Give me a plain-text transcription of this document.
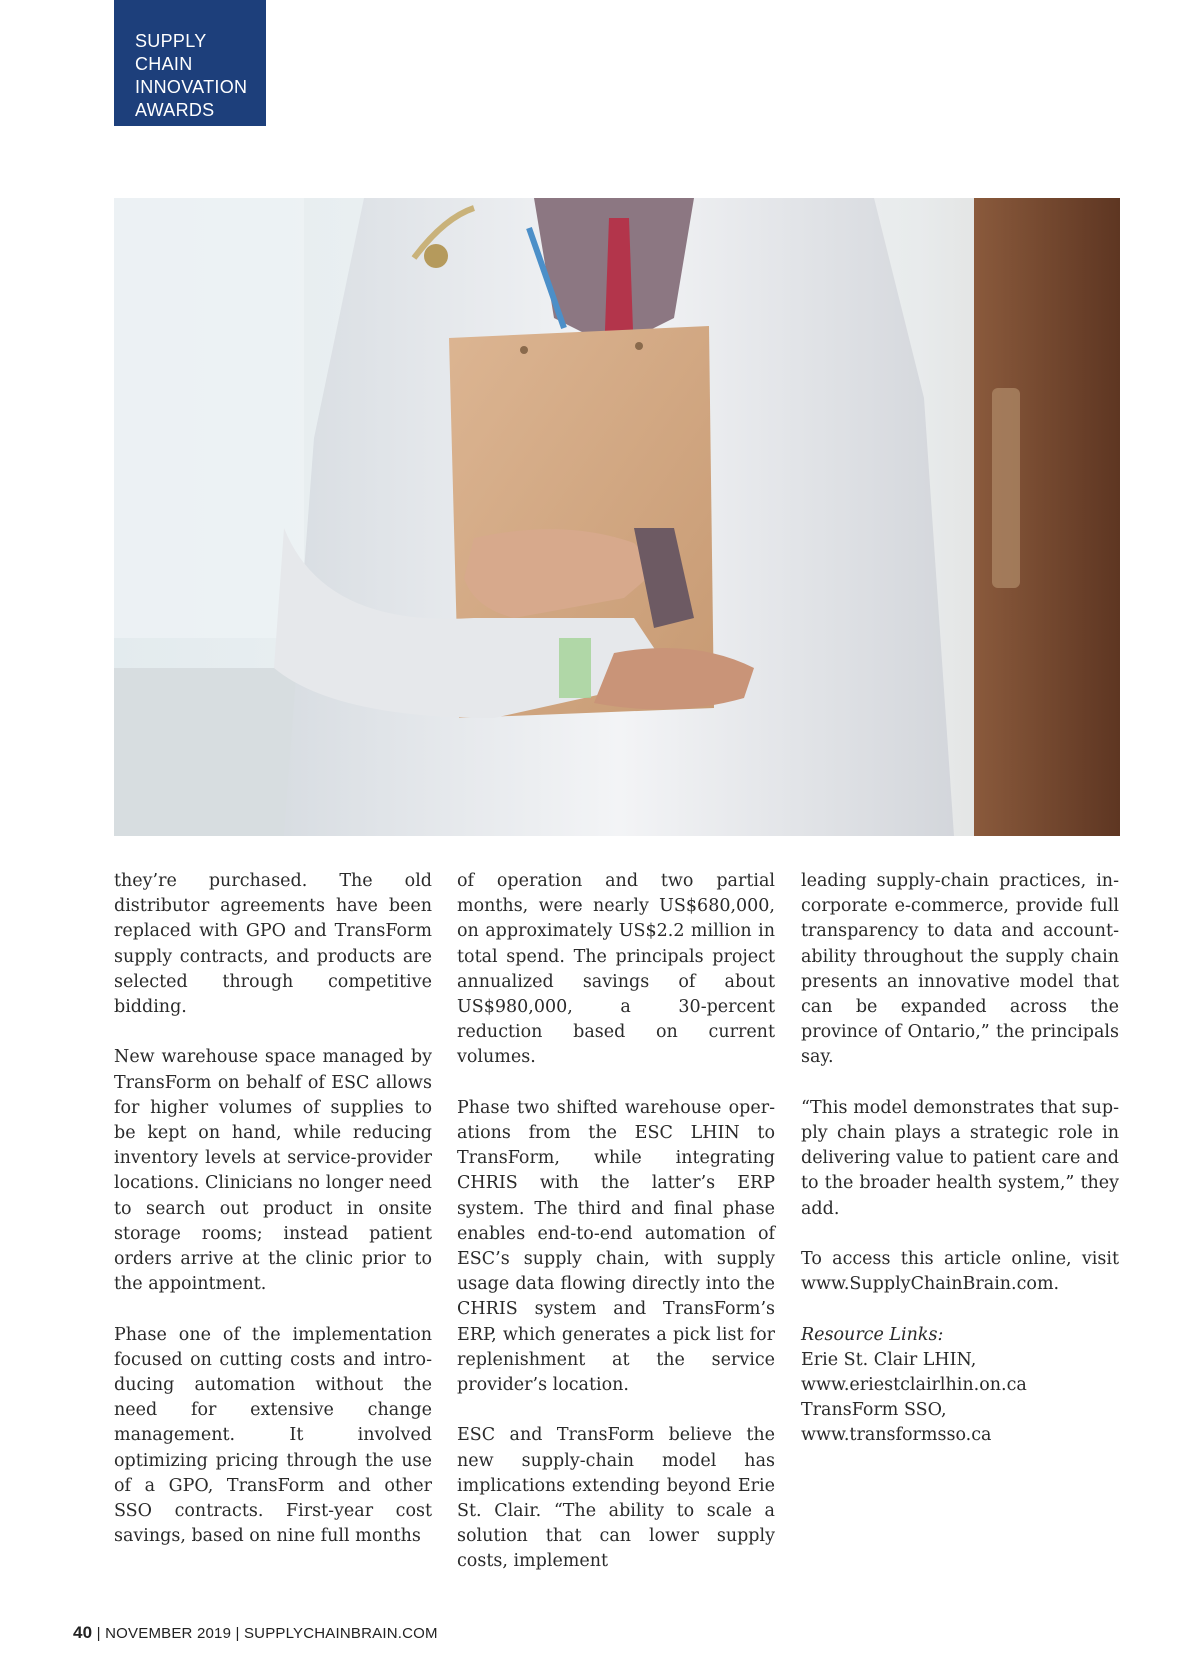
SUPPLY CHAIN
INNOVATION
AWARDS

they’re purchased. The old distributor agreements have been replaced with GPO and TransForm supply contracts, and products are selected through competitive bidding.

New warehouse space managed by TransForm on behalf of ESC allows for higher volumes of supplies to be kept on hand, while reducing inventory levels at service-provider locations. Clinicians no longer need to search out product in onsite storage rooms; instead patient orders arrive at the clinic prior to the appointment.

Phase one of the implementation focused on cutting costs and introducing automation without the need for extensive change management. It involved optimizing pricing through the use of a GPO, TransForm and other SSO contracts. First-year cost savings, based on nine full months

of operation and two partial months, were nearly US$680,000, on approximately US$2.2 million in total spend. The principals project annualized savings of about US$980,000, a 30-percent reduction based on current volumes.

Phase two shifted warehouse operations from the ESC LHIN to TransForm, while integrating CHRIS with the latter’s ERP system. The third and final phase enables end-to-end automation of ESC’s supply chain, with supply usage data flowing directly into the CHRIS system and TransForm’s ERP, which generates a pick list for replenishment at the service provider’s location.

ESC and TransForm believe the new supply-chain model has implications extending beyond Erie St. Clair. “The ability to scale a solution that can lower supply costs, implement

leading supply-chain practices, incorporate e-commerce, provide full transparency to data and accountability throughout the supply chain presents an innovative model that can be expanded across the province of Ontario,” the principals say.

“This model demonstrates that supply chain plays a strategic role in delivering value to patient care and to the broader health system,” they add.

To access this article online, visit www.SupplyChainBrain.com.

Resource Links:
Erie St. Clair LHIN,
www.eriestclairlhin.on.ca
TransForm SSO,
www.transformsso.ca
40 | NOVEMBER 2019 | SUPPLYCHAINBRAIN.COM
